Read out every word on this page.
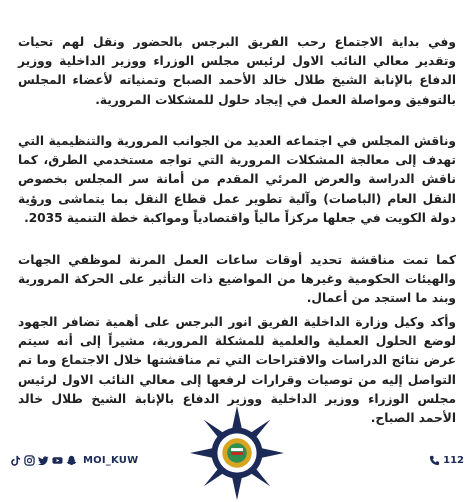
وفي بداية الاجتماع رحب الفريق البرجس بالحضور ونقل لهم تحيات وتقدير معالي النائب الاول لرئيس مجلس الوزراء ووزير الداخلية ووزير الدفاع بالإنابة الشيخ طلال خالد الأحمد الصباح وتمنياته لأعضاء المجلس بالتوفيق ومواصلة العمل في إيجاد حلول للمشكلات المرورية.

وناقش المجلس في اجتماعه العديد من الجوانب المرورية والتنظيمية التي تهدف إلى معالجة المشكلات المرورية التي تواجه مستخدمي الطرق، كما ناقش الدراسة والعرض المرئي المقدم من أمانة سر المجلس بخصوص النقل العام (الباصات) وآلية تطوير عمل قطاع النقل بما يتماشى ورؤية دولة الكويت في جعلها مركزاً مالياً واقتصادياً ومواكبة خطة التنمية 2035.

كما تمت مناقشة تحديد أوقات ساعات العمل المرنة لموظفي الجهات والهيئات الحكومية وغيرها من المواضيع ذات التأثير على الحركة المرورية وبند ما استجد من أعمال.

وأكد وكيل وزارة الداخلية الفريق انور البرجس على أهمية تضافر الجهود لوضع الحلول العملية والعلمية للمشكلة المرورية، مشيراً إلى أنه سيتم عرض نتائج الدراسات والاقتراحات التي تم مناقشتها خلال الاجتماع وما تم التواصل إليه من توصيات وقرارات لرفعها إلى معالي النائب الاول لرئيس مجلس الوزراء ووزير الداخلية ووزير الدفاع بالإنابة الشيخ طلال خالد الأحمد الصباح.

MOI_KUW	112
